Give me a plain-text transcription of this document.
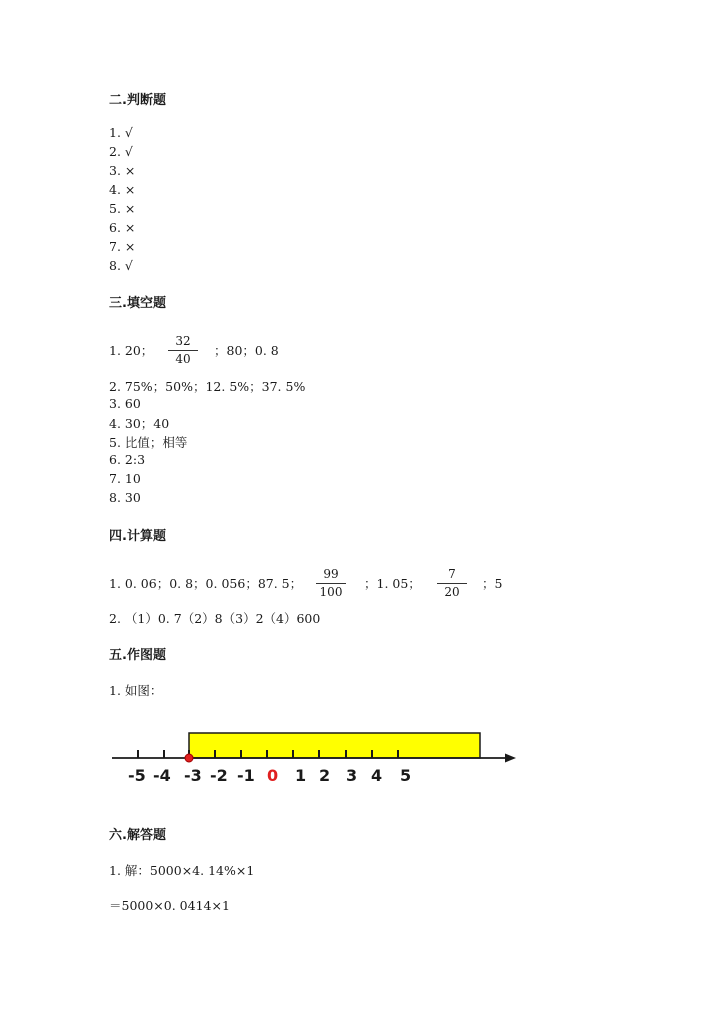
二.判断题
1. √
2. √
3. ×
4. ×
5. ×
6. ×
7. ×
8. √
三.填空题
1. 20；
32
40
；80；0. 8
2. 75%；50%；12. 5%；37. 5%
3. 60
4. 30；40
5. 比值；相等
6. 2:3
7. 10
8. 30
四.计算题
1. 0. 06；0. 8；0. 056；87. 5；
99
100
；1. 05；
7
20
；5
2. （1）0. 7（2）8（3）2（4）600
五.作图题
1. 如图：
-5 -4 -3 -2 -1 0 1 2 3 4 5
六.解答题
1. 解：5000×4. 14%×1
＝5000×0. 0414×1
